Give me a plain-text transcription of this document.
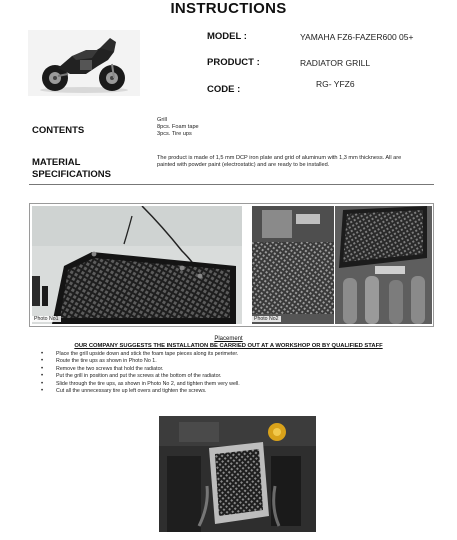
INSTRUCTIONS
MODEL :	YAMAHA FZ6-FAZER600 05+
PRODUCT :	RADIATOR GRILL
CODE :	RG- YFZ6
CONTENTS
Grill
8pcs. Foam tape
3pcs. Tire ups
MATERIAL
SPECIFICATIONS
The product is made of 1,5 mm DCP iron plate and grid of aluminum with 1,3 mm thickness. All are
painted with powder paint (electrostatic) and are ready to be installed.
Photo No1	Photo No2
Placement
OUR COMPANY SUGGESTS THE INSTALLATION BE CARRIED OUT AT A WORKSHOP OR BY QUALIFIED STAFF
• Place the grill upside down and stick the foam tape pieces along its perimeter.
• Route the tire ups as shown in Photo No 1.
• Remove the two screws that hold the radiator.
• Put the grill in position and put the screws at the bottom of the radiator.
• Slide through the tire ups, as shown in Photo No 2, and tighten them very well.
• Cut all the unnecessary tire up left overs and tighten the screws.
